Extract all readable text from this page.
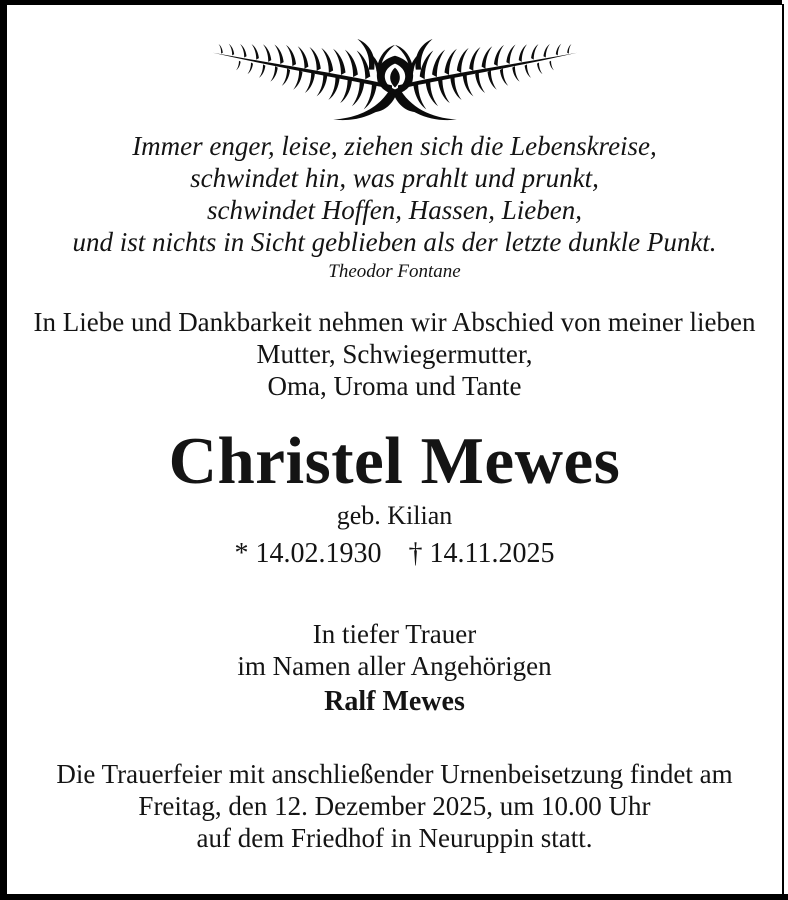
Immer enger, leise, ziehen sich die Lebenskreise,
schwindet hin, was prahlt und prunkt,
schwindet Hoffen, Hassen, Lieben,
und ist nichts in Sicht geblieben als der letzte dunkle Punkt.
Theodor Fontane
In Liebe und Dankbarkeit nehmen wir Abschied von meiner lieben
Mutter, Schwiegermutter,
Oma, Uroma und Tante
Christel Mewes
geb. Kilian
* 14.02.1930 † 14.11.2025
In tiefer Trauer
im Namen aller Angehörigen
Ralf Mewes
Die Trauerfeier mit anschließender Urnenbeisetzung findet am
Freitag, den 12. Dezember 2025, um 10.00 Uhr
auf dem Friedhof in Neuruppin statt.
